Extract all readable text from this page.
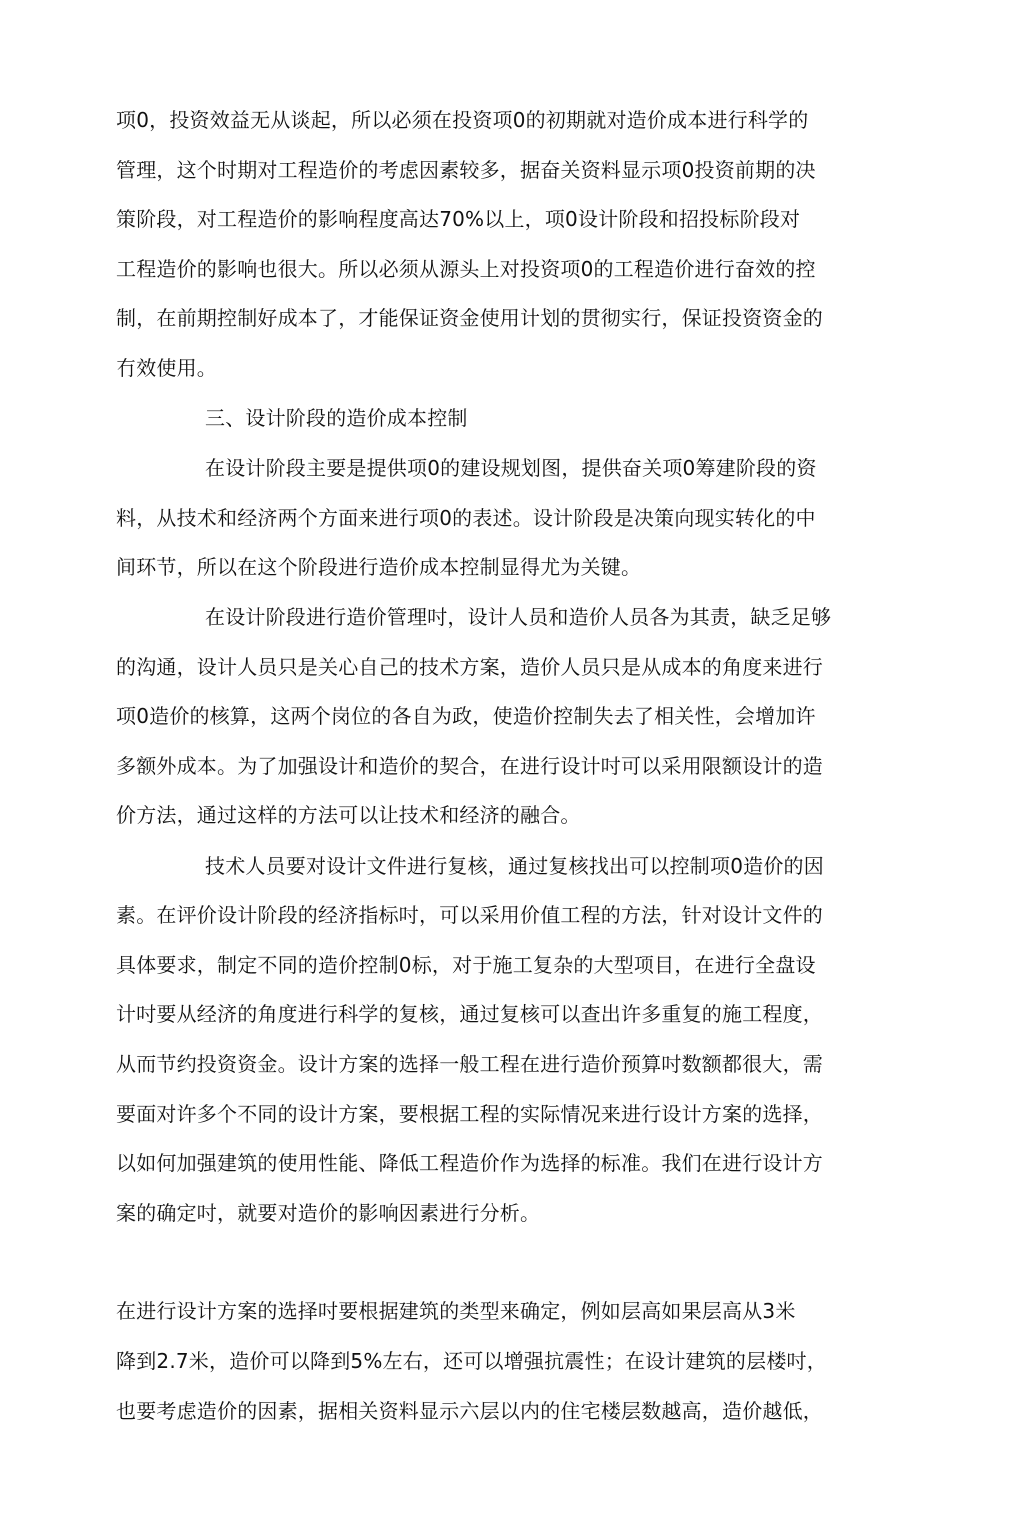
项0，投资效益无从谈起，所以必须在投资项0的初期就对造价成本进行科学的
管理，这个时期对工程造价的考虑因素较多，据奋关资料显示项0投资前期的决
策阶段，对工程造价的影响程度高达70%以上，项0设计阶段和招投标阶段对
工程造价的影响也很大。所以必须从源头上对投资项0的工程造价进行奋效的控
制，在前期控制好成本了，才能保证资金使用计划的贯彻实行，保证投资资金的
冇效使用。
三、设计阶段的造价成本控制
在设计阶段主要是提供项0的建设规划图，提供奋关项0筹建阶段的资
料，从技术和经济两个方面来进行项0的表述。设计阶段是决策向现实转化的中
间环节，所以在这个阶段进行造价成本控制显得尤为关键。
在设计阶段进行造价管理吋，设计人员和造价人员各为其责，缺乏足够
的沟通，设计人员只是关心自己的技术方案，造价人员只是从成本的角度来进行
项0造价的核算，这两个岗位的各自为政，使造价控制失去了相关性，会增加许
多额外成本。为了加强设计和造价的契合，在进行设计吋可以采用限额设计的造
价方法，通过这样的方法可以让技术和经济的融合。
技术人员要对设计文件进行复核，通过复核找出可以控制项0造价的因
素。在评价设计阶段的经济指标吋，可以采用价值工程的方法，针对设计文件的
具体要求，制定不同的造价控制0标，对于施工复杂的大型项目，在进行全盘设
计吋要从经济的角度进行科学的复核，通过复核可以查出许多重复的施工程度，
从而节约投资资金。设计方案的选择一般工程在进行造价预算吋数额都很大，需
要面对许多个不同的设计方案，要根据工程的实际情况来进行设计方案的选择，
以如何加强建筑的使用性能、降低工程造价作为选择的标准。我们在进行设计方
案的确定吋，就要对造价的影响因素进行分析。
在进行设计方案的选择吋要根据建筑的类型来确定，例如层高如果层高从3米
降到2.7米，造价可以降到5%左右，还可以增强抗震性；在设计建筑的层楼吋，
也要考虑造价的因素，据相关资料显示六层以内的住宅楼层数越高，造价越低，
